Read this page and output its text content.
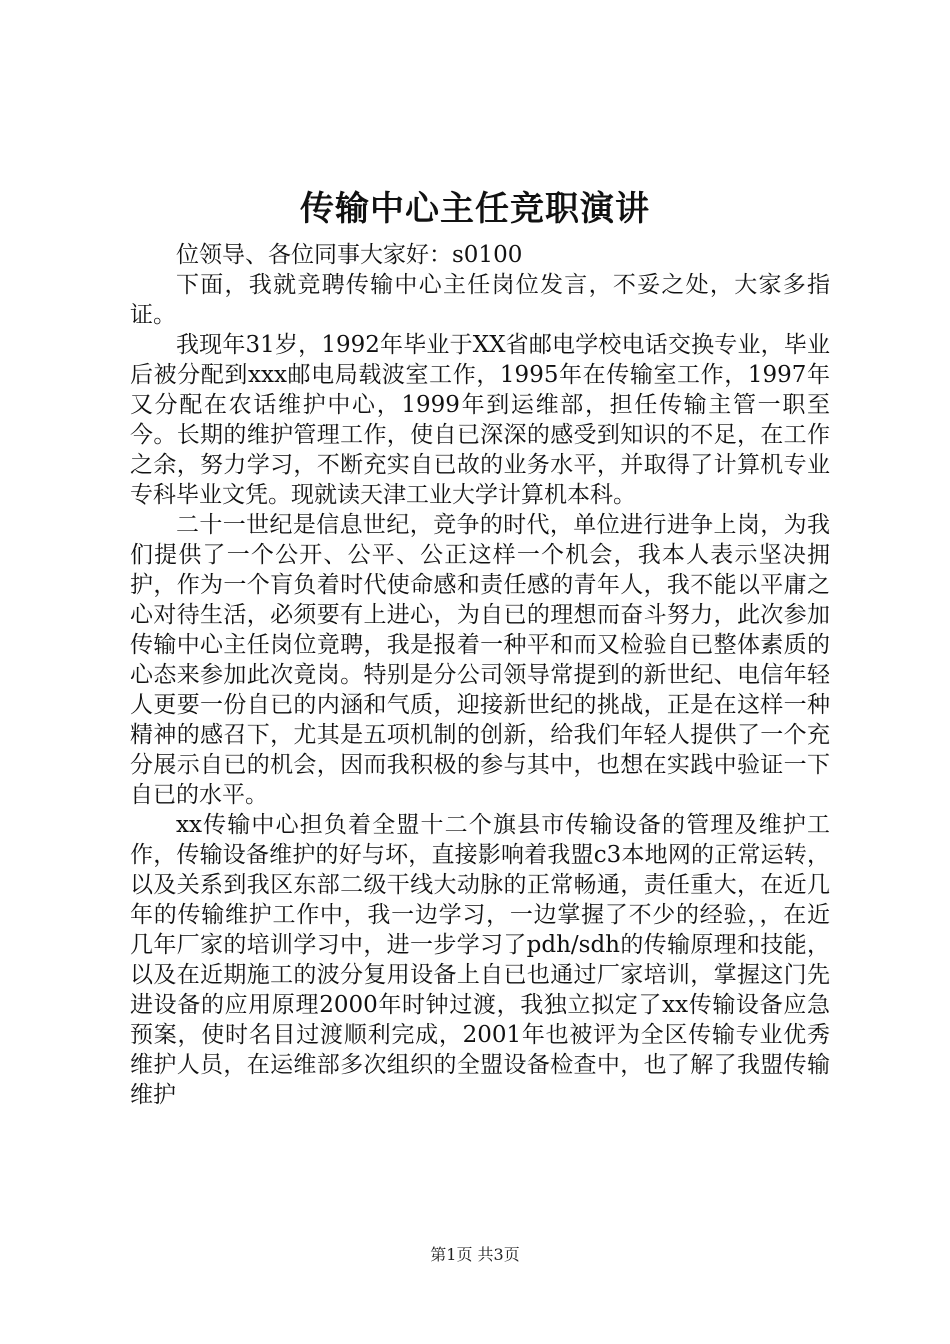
传输中心主任竞职演讲

位领导、各位同事大家好：s0100

下面，我就竞聘传输中心主任岗位发言，不妥之处，大家多指证。

我现年31岁，1992年毕业于XX省邮电学校电话交换专业，毕业后被分配到xxx邮电局载波室工作，1995年在传输室工作，1997年又分配在农话维护中心，1999年到运维部，担任传输主管一职至今。长期的维护管理工作，使自已深深的感受到知识的不足，在工作之余，努力学习，不断充实自已故的业务水平，并取得了计算机专业专科毕业文凭。现就读天津工业大学计算机本科。

二十一世纪是信息世纪，竞争的时代，单位进行进争上岗，为我们提供了一个公开、公平、公正这样一个机会，我本人表示坚决拥护，作为一个肓负着时代使命感和责任感的青年人，我不能以平庸之心对待生活，必须要有上进心，为自已的理想而奋斗努力，此次参加传输中心主任岗位竟聘，我是报着一种平和而又检验自已整体素质的心态来参加此次竟岗。特别是分公司领导常提到的新世纪、电信年轻人更要一份自已的内涵和气质，迎接新世纪的挑战，正是在这样一种精神的感召下，尤其是五项机制的创新，给我们年轻人提供了一个充分展示自已的机会，因而我积极的参与其中，也想在实践中验证一下自已的水平。

xx传输中心担负着全盟十二个旗县市传输设备的管理及维护工作，传输设备维护的好与坏，直接影响着我盟c3本地网的正常运转，以及关系到我区东部二级干线大动脉的正常畅通，责任重大，在近几年的传输维护工作中，我一边学习，一边掌握了不少的经验，，在近几年厂家的培训学习中，进一步学习了pdh/sdh的传输原理和技能，以及在近期施工的波分复用设备上自已也通过厂家培训，掌握这门先进设备的应用原理2000年时钟过渡，我独立拟定了xx传输设备应急预案，使时名目过渡顺利完成，2001年也被评为全区传输专业优秀维护人员，在运维部多次组织的全盟设备检查中，也了解了我盟传输维护

第1页 共3页
